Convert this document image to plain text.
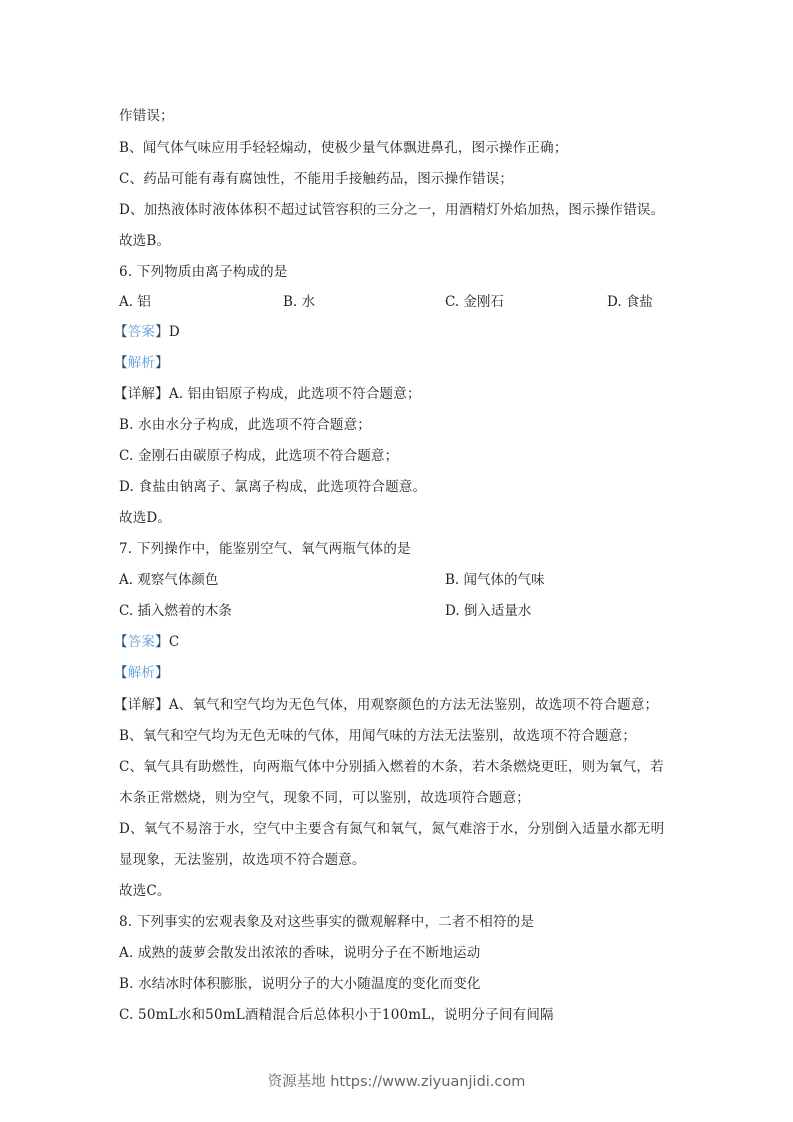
作错误；
B、闻气体气味应用手轻轻煽动，使极少量气体飘进鼻孔，图示操作正确；
C、药品可能有毒有腐蚀性，不能用手接触药品，图示操作错误；
D、加热液体时液体体积不超过试管容积的三分之一，用酒精灯外焰加热，图示操作错误。
故选B。
6. 下列物质由离子构成的是
A. 铝	B. 水	C. 金刚石	D. 食盐
【答案】D
【解析】
【详解】A. 铝由铝原子构成，此选项不符合题意；
B. 水由水分子构成，此选项不符合题意；
C. 金刚石由碳原子构成，此选项不符合题意；
D. 食盐由钠离子、氯离子构成，此选项符合题意。
故选D。
7. 下列操作中，能鉴别空气、氧气两瓶气体的是
A. 观察气体颜色	B. 闻气体的气味
C. 插入燃着的木条	D. 倒入适量水
【答案】C
【解析】
【详解】A、氧气和空气均为无色气体，用观察颜色的方法无法鉴别，故选项不符合题意；
B、氧气和空气均为无色无味的气体，用闻气味的方法无法鉴别，故选项不符合题意；
C、氧气具有助燃性，向两瓶气体中分别插入燃着的木条，若木条燃烧更旺，则为氧气，若
木条正常燃烧，则为空气，现象不同，可以鉴别，故选项符合题意；
D、氧气不易溶于水，空气中主要含有氮气和氧气，氮气难溶于水，分别倒入适量水都无明
显现象，无法鉴别，故选项不符合题意。
故选C。
8. 下列事实的宏观表象及对这些事实的微观解释中，二者不相符的是
A. 成熟的菠萝会散发出浓浓的香味，说明分子在不断地运动
B. 水结冰时体积膨胀，说明分子的大小随温度的变化而变化
C. 50mL水和50mL酒精混合后总体积小于100mL，说明分子间有间隔
资源基地 https://www.ziyuanjidi.com
